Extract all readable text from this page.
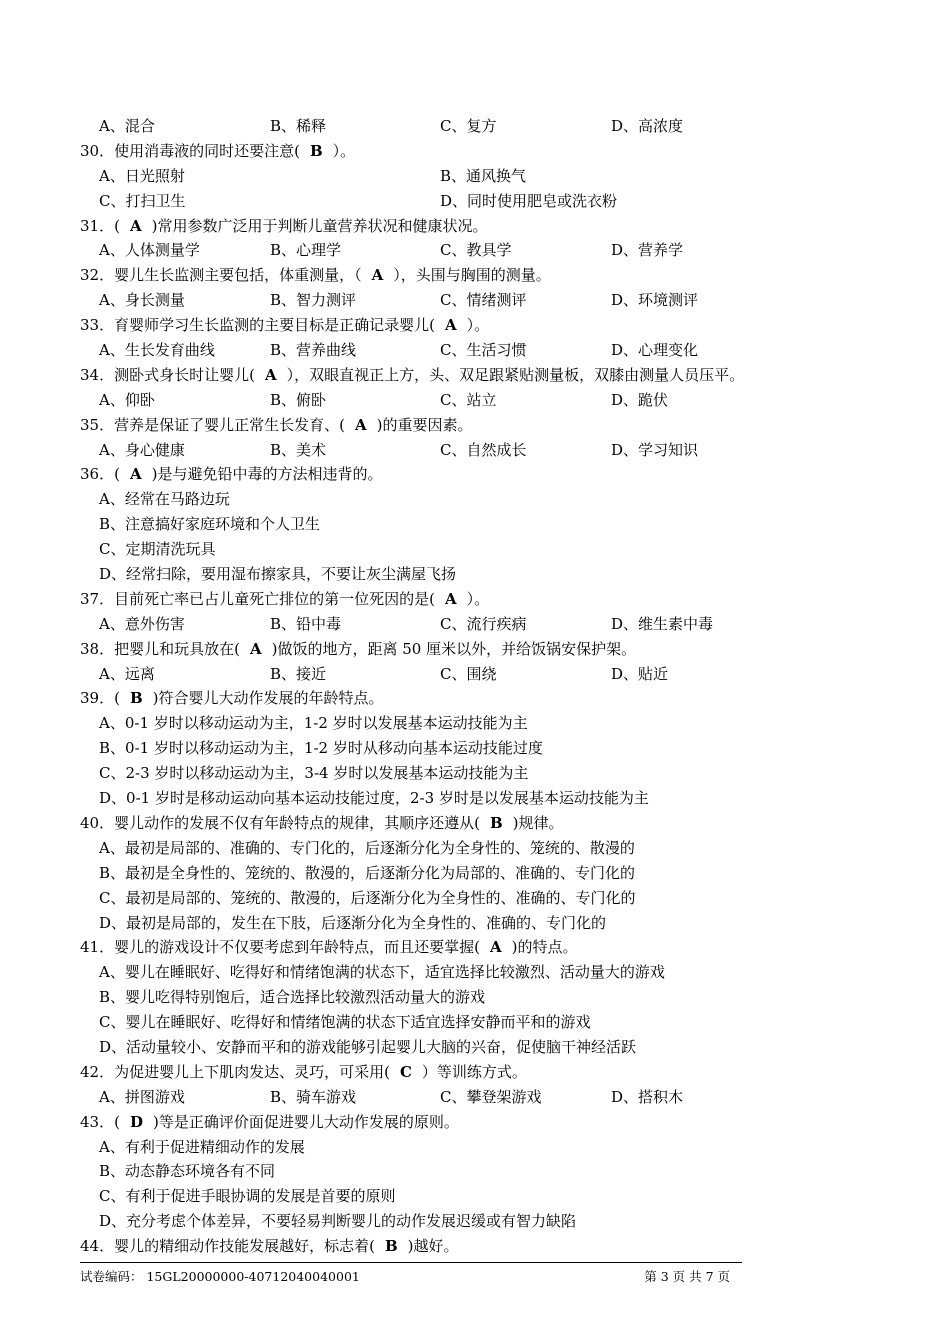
A、混合	B、稀释	C、复方	D、高浓度
30．使用消毒液的同时还要注意( B ）。
A、日光照射	B、通风换气
C、打扫卫生	D、同时使用肥皂或洗衣粉
31．( A )常用参数广泛用于判断儿童营养状况和健康状况。
A、人体测量学	B、心理学	C、教具学	D、营养学
32．婴儿生长监测主要包括，体重测量，（ A ），头围与胸围的测量。
A、身长测量	B、智力测评	C、情绪测评	D、环境测评
33．育婴师学习生长监测的主要目标是正确记录婴儿( A ）。
A、生长发育曲线	B、营养曲线	C、生活习惯	D、心理变化
34．测卧式身长时让婴儿( A ），双眼直视正上方，头、双足跟紧贴测量板，双膝由测量人员压平。
A、仰卧	B、俯卧	C、站立	D、跪伏
35．营养是保证了婴儿正常生长发育、( A )的重要因素。
A、身心健康	B、美术	C、自然成长	D、学习知识
36．( A )是与避免铅中毒的方法相违背的。
A、经常在马路边玩
B、注意搞好家庭环境和个人卫生
C、定期清洗玩具
D、经常扫除，要用湿布擦家具，不要让灰尘满屋飞扬
37．目前死亡率已占儿童死亡排位的第一位死因的是( A ）。
A、意外伤害	B、铅中毒	C、流行疾病	D、维生素中毒
38．把婴儿和玩具放在( A )做饭的地方，距离 50 厘米以外，并给饭锅安保护架。
A、远离	B、接近	C、围绕	D、贴近
39．( B )符合婴儿大动作发展的年龄特点。
A、0-1 岁时以移动运动为主，1-2 岁时以发展基本运动技能为主
B、0-1 岁时以移动运动为主，1-2 岁时从移动向基本运动技能过度
C、2-3 岁时以移动运动为主，3-4 岁时以发展基本运动技能为主
D、0-1 岁时是移动运动向基本运动技能过度，2-3 岁时是以发展基本运动技能为主
40．婴儿动作的发展不仅有年龄特点的规律，其顺序还遵从( B )规律。
A、最初是局部的、准确的、专门化的，后逐渐分化为全身性的、笼统的、散漫的
B、最初是全身性的、笼统的、散漫的，后逐渐分化为局部的、准确的、专门化的
C、最初是局部的、笼统的、散漫的，后逐渐分化为全身性的、准确的、专门化的
D、最初是局部的，发生在下肢，后逐渐分化为全身性的、准确的、专门化的
41．婴儿的游戏设计不仅要考虑到年龄特点，而且还要掌握( A )的特点。
A、婴儿在睡眠好、吃得好和情绪饱满的状态下，适宜选择比较激烈、活动量大的游戏
B、婴儿吃得特别饱后，适合选择比较激烈活动量大的游戏
C、婴儿在睡眠好、吃得好和情绪饱满的状态下适宜选择安静而平和的游戏
D、活动量较小、安静而平和的游戏能够引起婴儿大脑的兴奋，促使脑干神经活跃
42．为促进婴儿上下肌肉发达、灵巧，可采用( C ）等训练方式。
A、拼图游戏	B、骑车游戏	C、攀登架游戏	D、搭积木
43．( D )等是正确评价面促进婴儿大动作发展的原则。
A、有利于促进精细动作的发展
B、动态静态环境各有不同
C、有利于促进手眼协调的发展是首要的原则
D、充分考虑个体差异，不要轻易判断婴儿的动作发展迟缓或有智力缺陷
44．婴儿的精细动作技能发展越好，标志着( B )越好。
试卷编码： 15GL20000000-40712040040001	第 3 页 共 7 页
